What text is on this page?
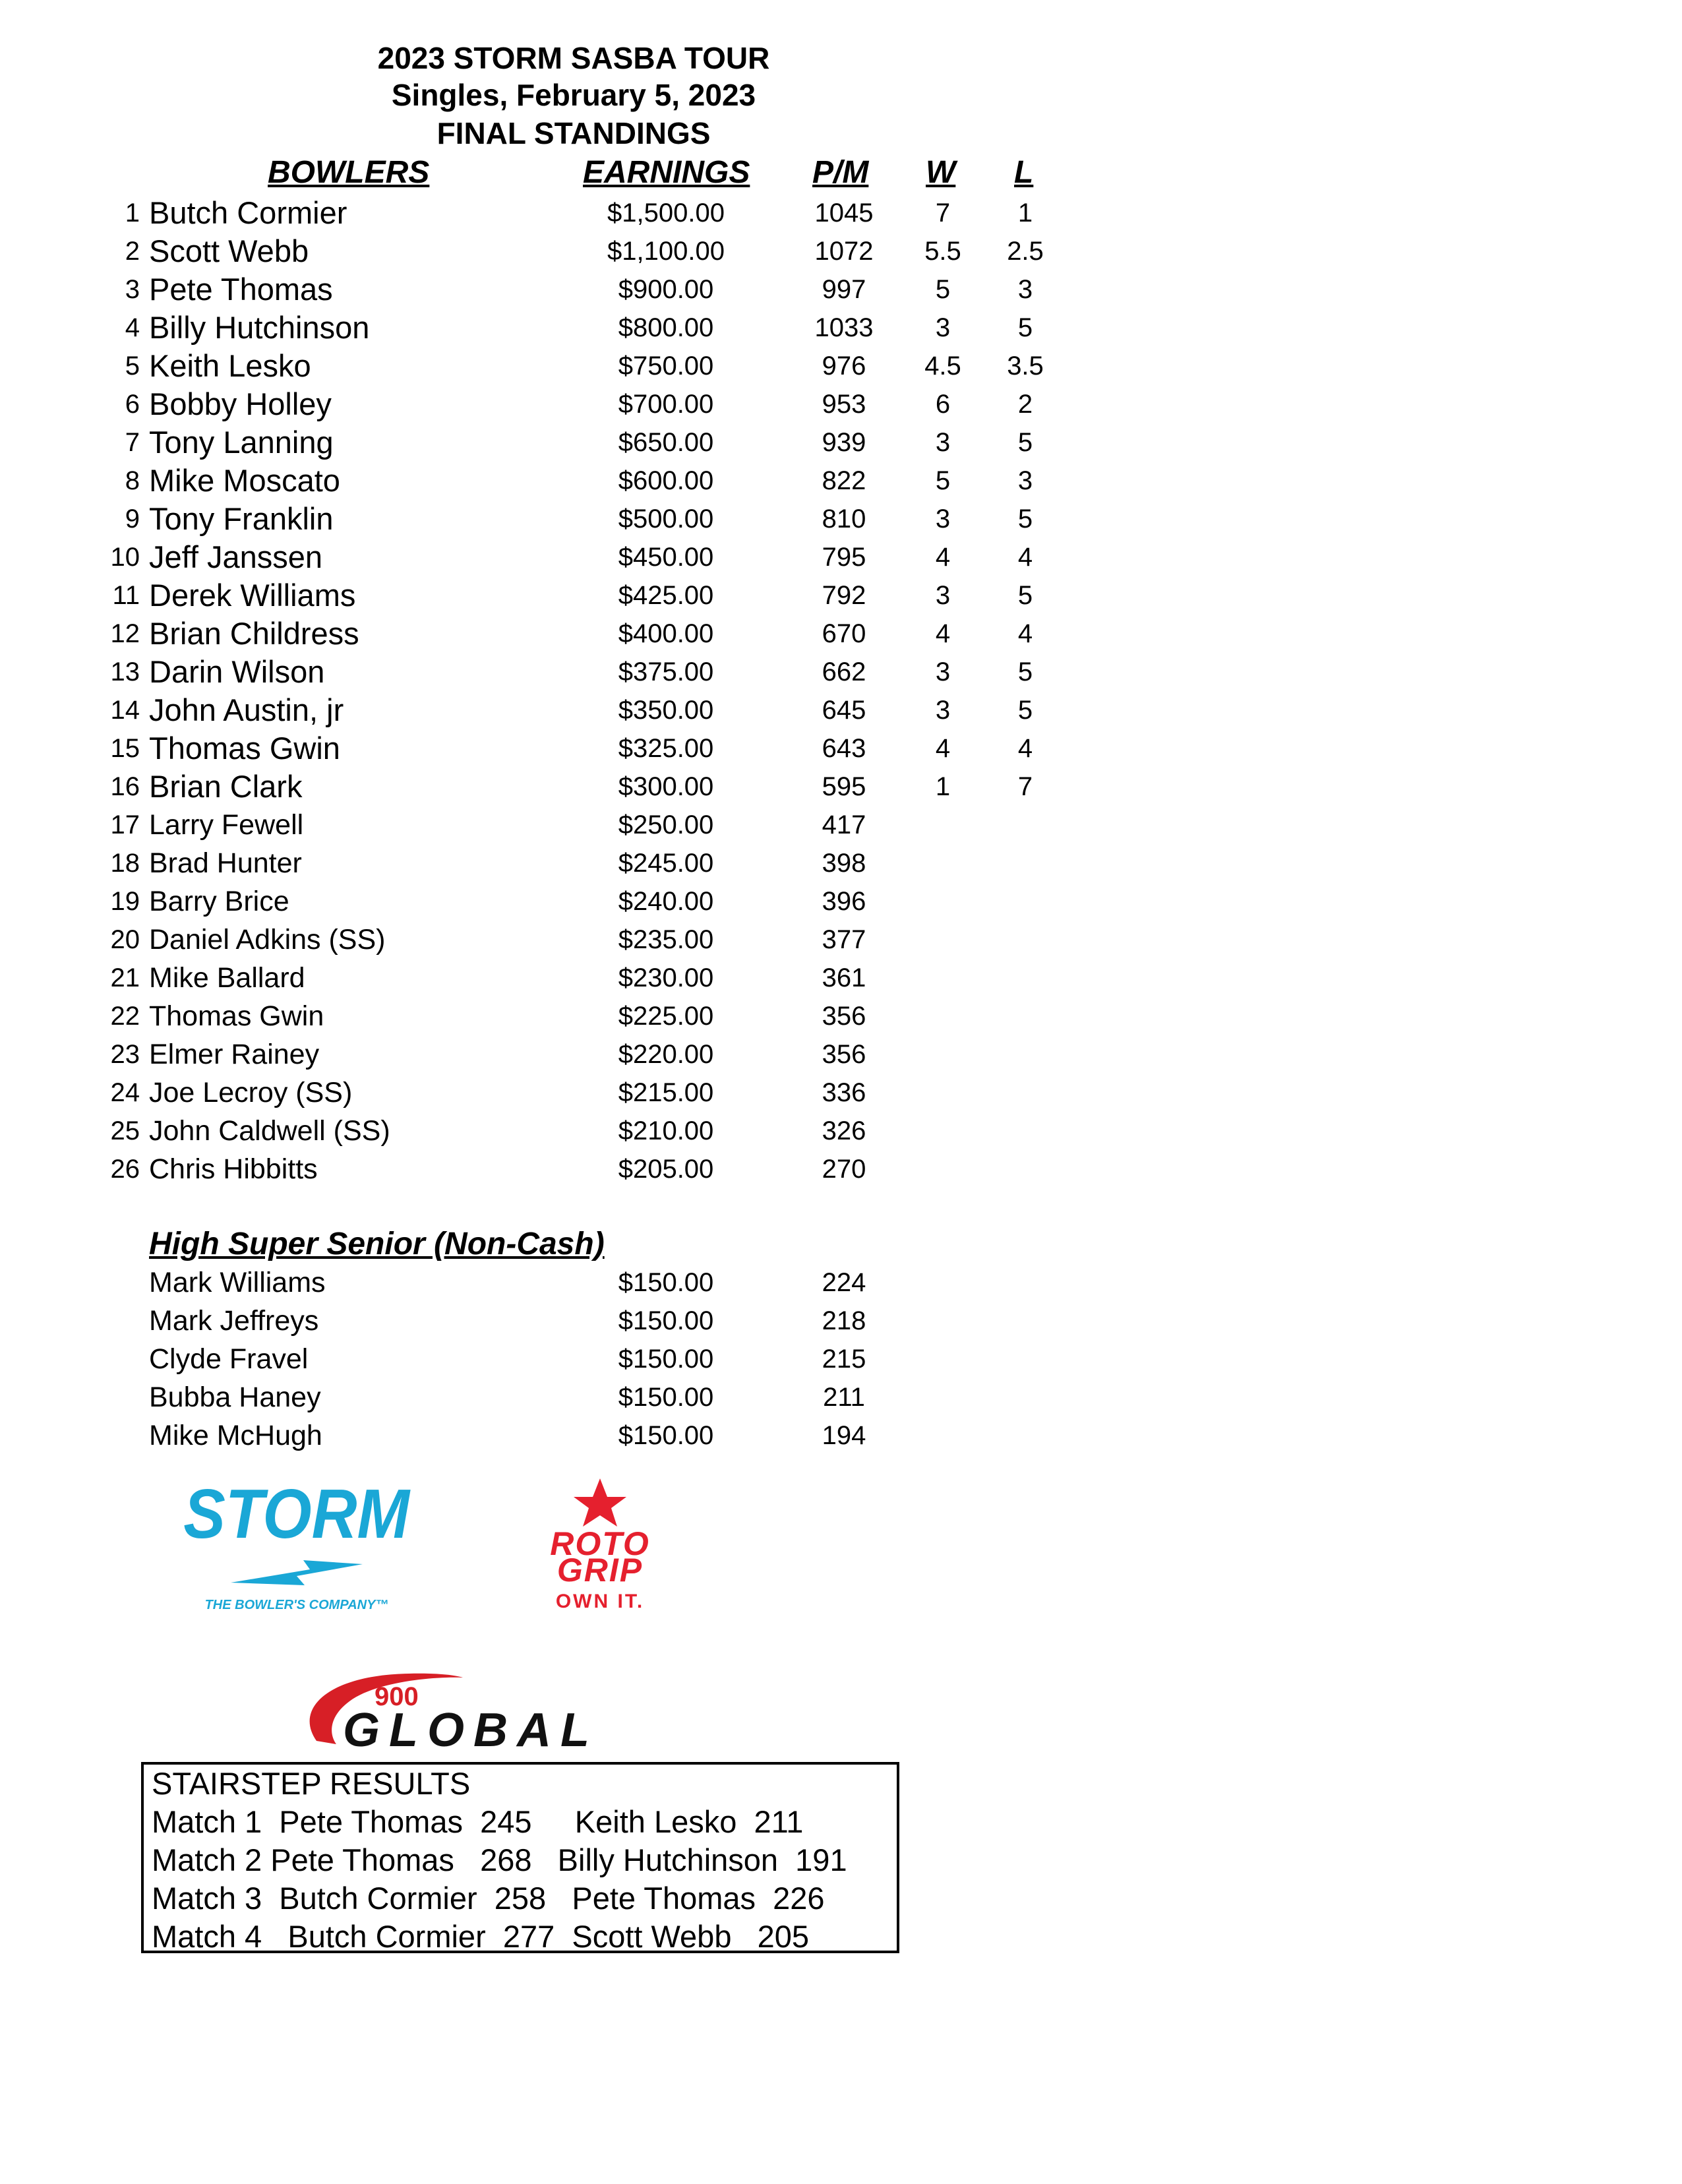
2023 STORM SASBA TOUR
Singles, February 5, 2023
FINAL STANDINGS
BOWLERS	EARNINGS P/M W L
1 Butch Cormier	$1,500.00	1045	7	1
2 Scott Webb	$1,100.00	1072	5.5	2.5
3 Pete Thomas	$900.00	997	5	3
4 Billy Hutchinson	$800.00	1033	3	5
5 Keith Lesko	$750.00	976	4.5	3.5
6 Bobby Holley	$700.00	953	6	2
7 Tony Lanning	$650.00	939	3	5
8 Mike Moscato	$600.00	822	5	3
9 Tony Franklin	$500.00	810	3	5
10 Jeff Janssen	$450.00	795	4	4
11 Derek Williams	$425.00	792	3	5
12 Brian Childress	$400.00	670	4	4
13 Darin Wilson	$375.00	662	3	5
14 John Austin, jr	$350.00	645	3	5
15 Thomas Gwin	$325.00	643	4	4
16 Brian Clark	$300.00	595	1	7
17 Larry Fewell	$250.00	417
18 Brad Hunter	$245.00	398
19 Barry Brice	$240.00	396
20 Daniel Adkins (SS)	$235.00	377
21 Mike Ballard	$230.00	361
22 Thomas Gwin	$225.00	356
23 Elmer Rainey	$220.00	356
24 Joe Lecroy (SS)	$215.00	336
25 John Caldwell (SS)	$210.00	326
26 Chris Hibbitts	$205.00	270
High Super Senior (Non-Cash)
Mark Williams	$150.00	224
Mark Jeffreys	$150.00	218
Clyde Fravel	$150.00	215
Bubba Haney	$150.00	211
Mike McHugh	$150.00	194
STORM
THE BOWLER'S COMPANY™
ROTO
GRIP
OWN IT.
900
GLOBAL
STAIRSTEP RESULTS
Match 1  Pete Thomas  245     Keith Lesko  211
Match 2 Pete Thomas   268   Billy Hutchinson  191
Match 3  Butch Cormier  258   Pete Thomas  226
Match 4   Butch Cormier  277  Scott Webb   205
